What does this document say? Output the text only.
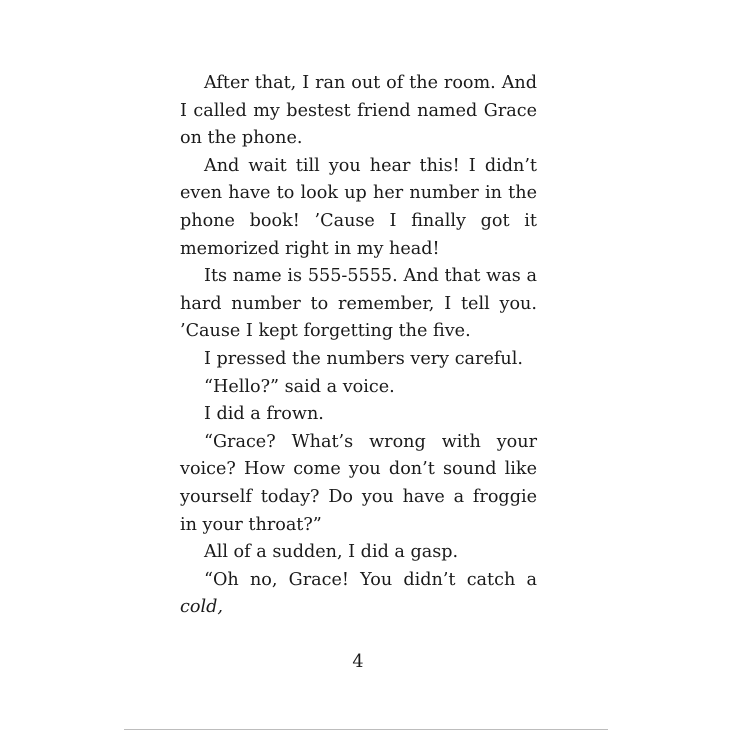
After that, I ran out of the room. And I called my bestest friend named Grace on the phone.

And wait till you hear this! I didn’t even have to look up her number in the phone book! ’Cause I finally got it memorized right in my head!

Its name is 555-5555. And that was a hard number to remember, I tell you. ’Cause I kept forgetting the five.

I pressed the numbers very careful.

“Hello?” said a voice.

I did a frown.

“Grace? What’s wrong with your voice? How come you don’t sound like yourself today? Do you have a froggie in your throat?”

All of a sudden, I did a gasp.

“Oh no, Grace! You didn’t catch a cold,

4
